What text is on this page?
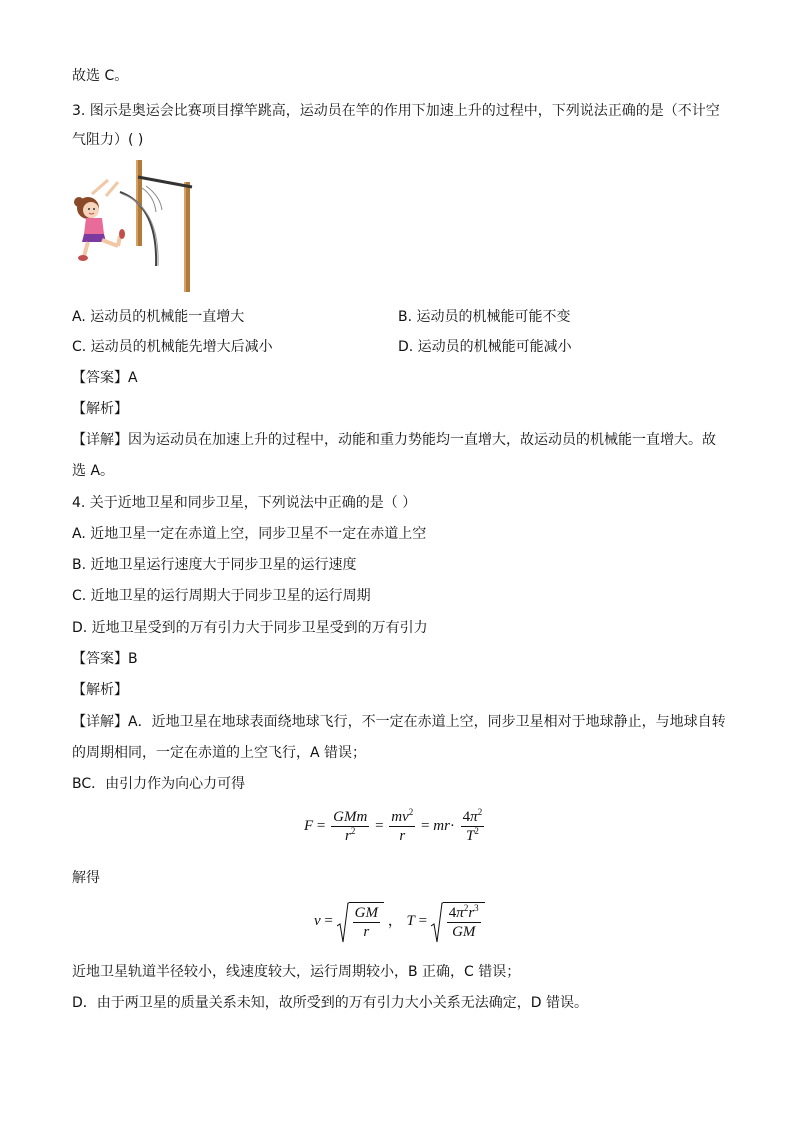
故选 C。
3. 图示是奥运会比赛项目撑竿跳高，运动员在竿的作用下加速上升的过程中，下列说法正确的是（不计空
气阻力）( )
A. 运动员的机械能一直增大	B. 运动员的机械能可能不变
C. 运动员的机械能先增大后减小	D. 运动员的机械能可能减小
【答案】A
【解析】
【详解】因为运动员在加速上升的过程中，动能和重力势能均一直增大，故运动员的机械能一直增大。故
选 A。
4. 关于近地卫星和同步卫星，下列说法中正确的是（ ）
A. 近地卫星一定在赤道上空，同步卫星不一定在赤道上空
B. 近地卫星运行速度大于同步卫星的运行速度
C. 近地卫星的运行周期大于同步卫星的运行周期
D. 近地卫星受到的万有引力大于同步卫星受到的万有引力
【答案】B
【解析】
【详解】A．近地卫星在地球表面绕地球飞行，不一定在赤道上空，同步卫星相对于地球静止，与地球自转
的周期相同，一定在赤道的上空飞行，A 错误；
BC．由引力作为向心力可得
$F = \frac{\text{GMm}}{r^2} = \frac{mv^2}{r} = mr\cdot \frac{4\pi^2}{T^2}$
解得
$v = \frac{GM}{r}$ ， $T = \frac{4\pi^2r^3}{GM}$
近地卫星轨道半径较小，线速度较大，运行周期较小，B 正确，C 错误；
D．由于两卫星的质量关系未知，故所受到的万有引力大小关系无法确定，D 错误。
